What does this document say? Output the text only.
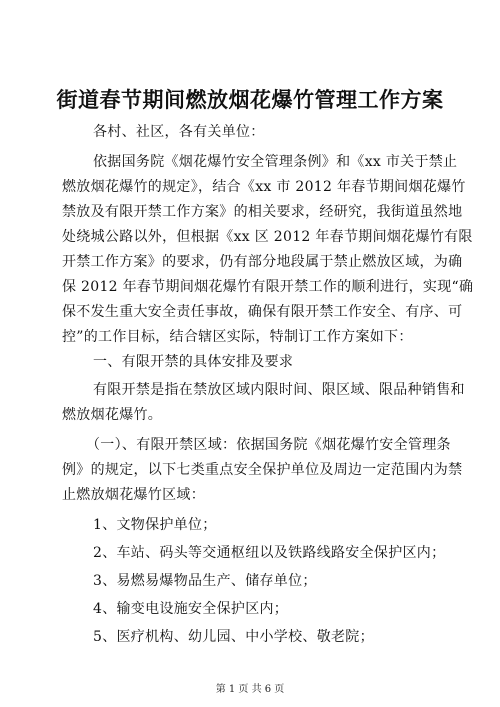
街道春节期间燃放烟花爆竹管理工作方案
各村、社区，各有关单位：
依据国务院《烟花爆竹安全管理条例》和《xx 市关于禁止
燃放烟花爆竹的规定》，结合《xx 市 2012 年春节期间烟花爆竹
禁放及有限开禁工作方案》的相关要求，经研究，我街道虽然地
处绕城公路以外，但根据《xx 区 2012 年春节期间烟花爆竹有限
开禁工作方案》的要求，仍有部分地段属于禁止燃放区域，为确
保 2012 年春节期间烟花爆竹有限开禁工作的顺利进行，实现“确
保不发生重大安全责任事故，确保有限开禁工作安全、有序、可
控”的工作目标，结合辖区实际，特制订工作方案如下：
一、有限开禁的具体安排及要求
有限开禁是指在禁放区域内限时间、限区域、限品种销售和
燃放烟花爆竹。
（一）、有限开禁区域：依据国务院《烟花爆竹安全管理条
例》的规定，以下七类重点安全保护单位及周边一定范围内为禁
止燃放烟花爆竹区域：
1、文物保护单位；
2、车站、码头等交通枢纽以及铁路线路安全保护区内；
3、易燃易爆物品生产、储存单位；
4、输变电设施安全保护区内；
5、医疗机构、幼儿园、中小学校、敬老院；
第 1 页 共 6 页
